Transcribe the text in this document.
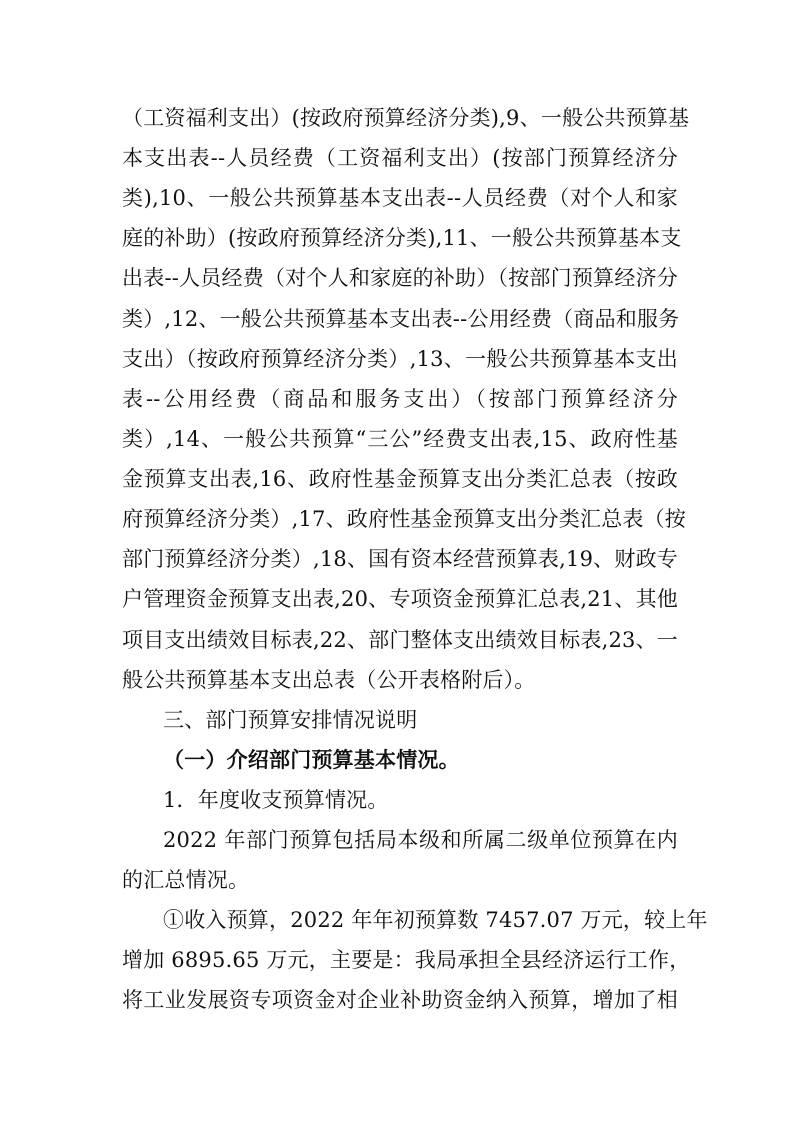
（工资福利支出）(按政府预算经济分类),9、一般公共预算基
本支出表--人员经费（工资福利支出）(按部门预算经济分
类),10、一般公共预算基本支出表--人员经费（对个人和家
庭的补助）(按政府预算经济分类),11、一般公共预算基本支
出表--人员经费（对个人和家庭的补助）（按部门预算经济分
类）,12、一般公共预算基本支出表--公用经费（商品和服务
支出）（按政府预算经济分类）,13、一般公共预算基本支出
表--公用经费（商品和服务支出）（按部门预算经济分
类）,14、一般公共预算“三公”经费支出表,15、政府性基
金预算支出表,16、政府性基金预算支出分类汇总表（按政
府预算经济分类）,17、政府性基金预算支出分类汇总表（按
部门预算经济分类）,18、国有资本经营预算表,19、财政专
户管理资金预算支出表,20、专项资金预算汇总表,21、其他
项目支出绩效目标表,22、部门整体支出绩效目标表,23、一
般公共预算基本支出总表（公开表格附后）。
三、部门预算安排情况说明
（一）介绍部门预算基本情况。
1．年度收支预算情况。
2022 年部门预算包括局本级和所属二级单位预算在内
的汇总情况。
①收入预算，2022 年年初预算数 7457.07 万元，较上年
增加 6895.65 万元，主要是：我局承担全县经济运行工作，
将工业发展资专项资金对企业补助资金纳入预算，增加了相
